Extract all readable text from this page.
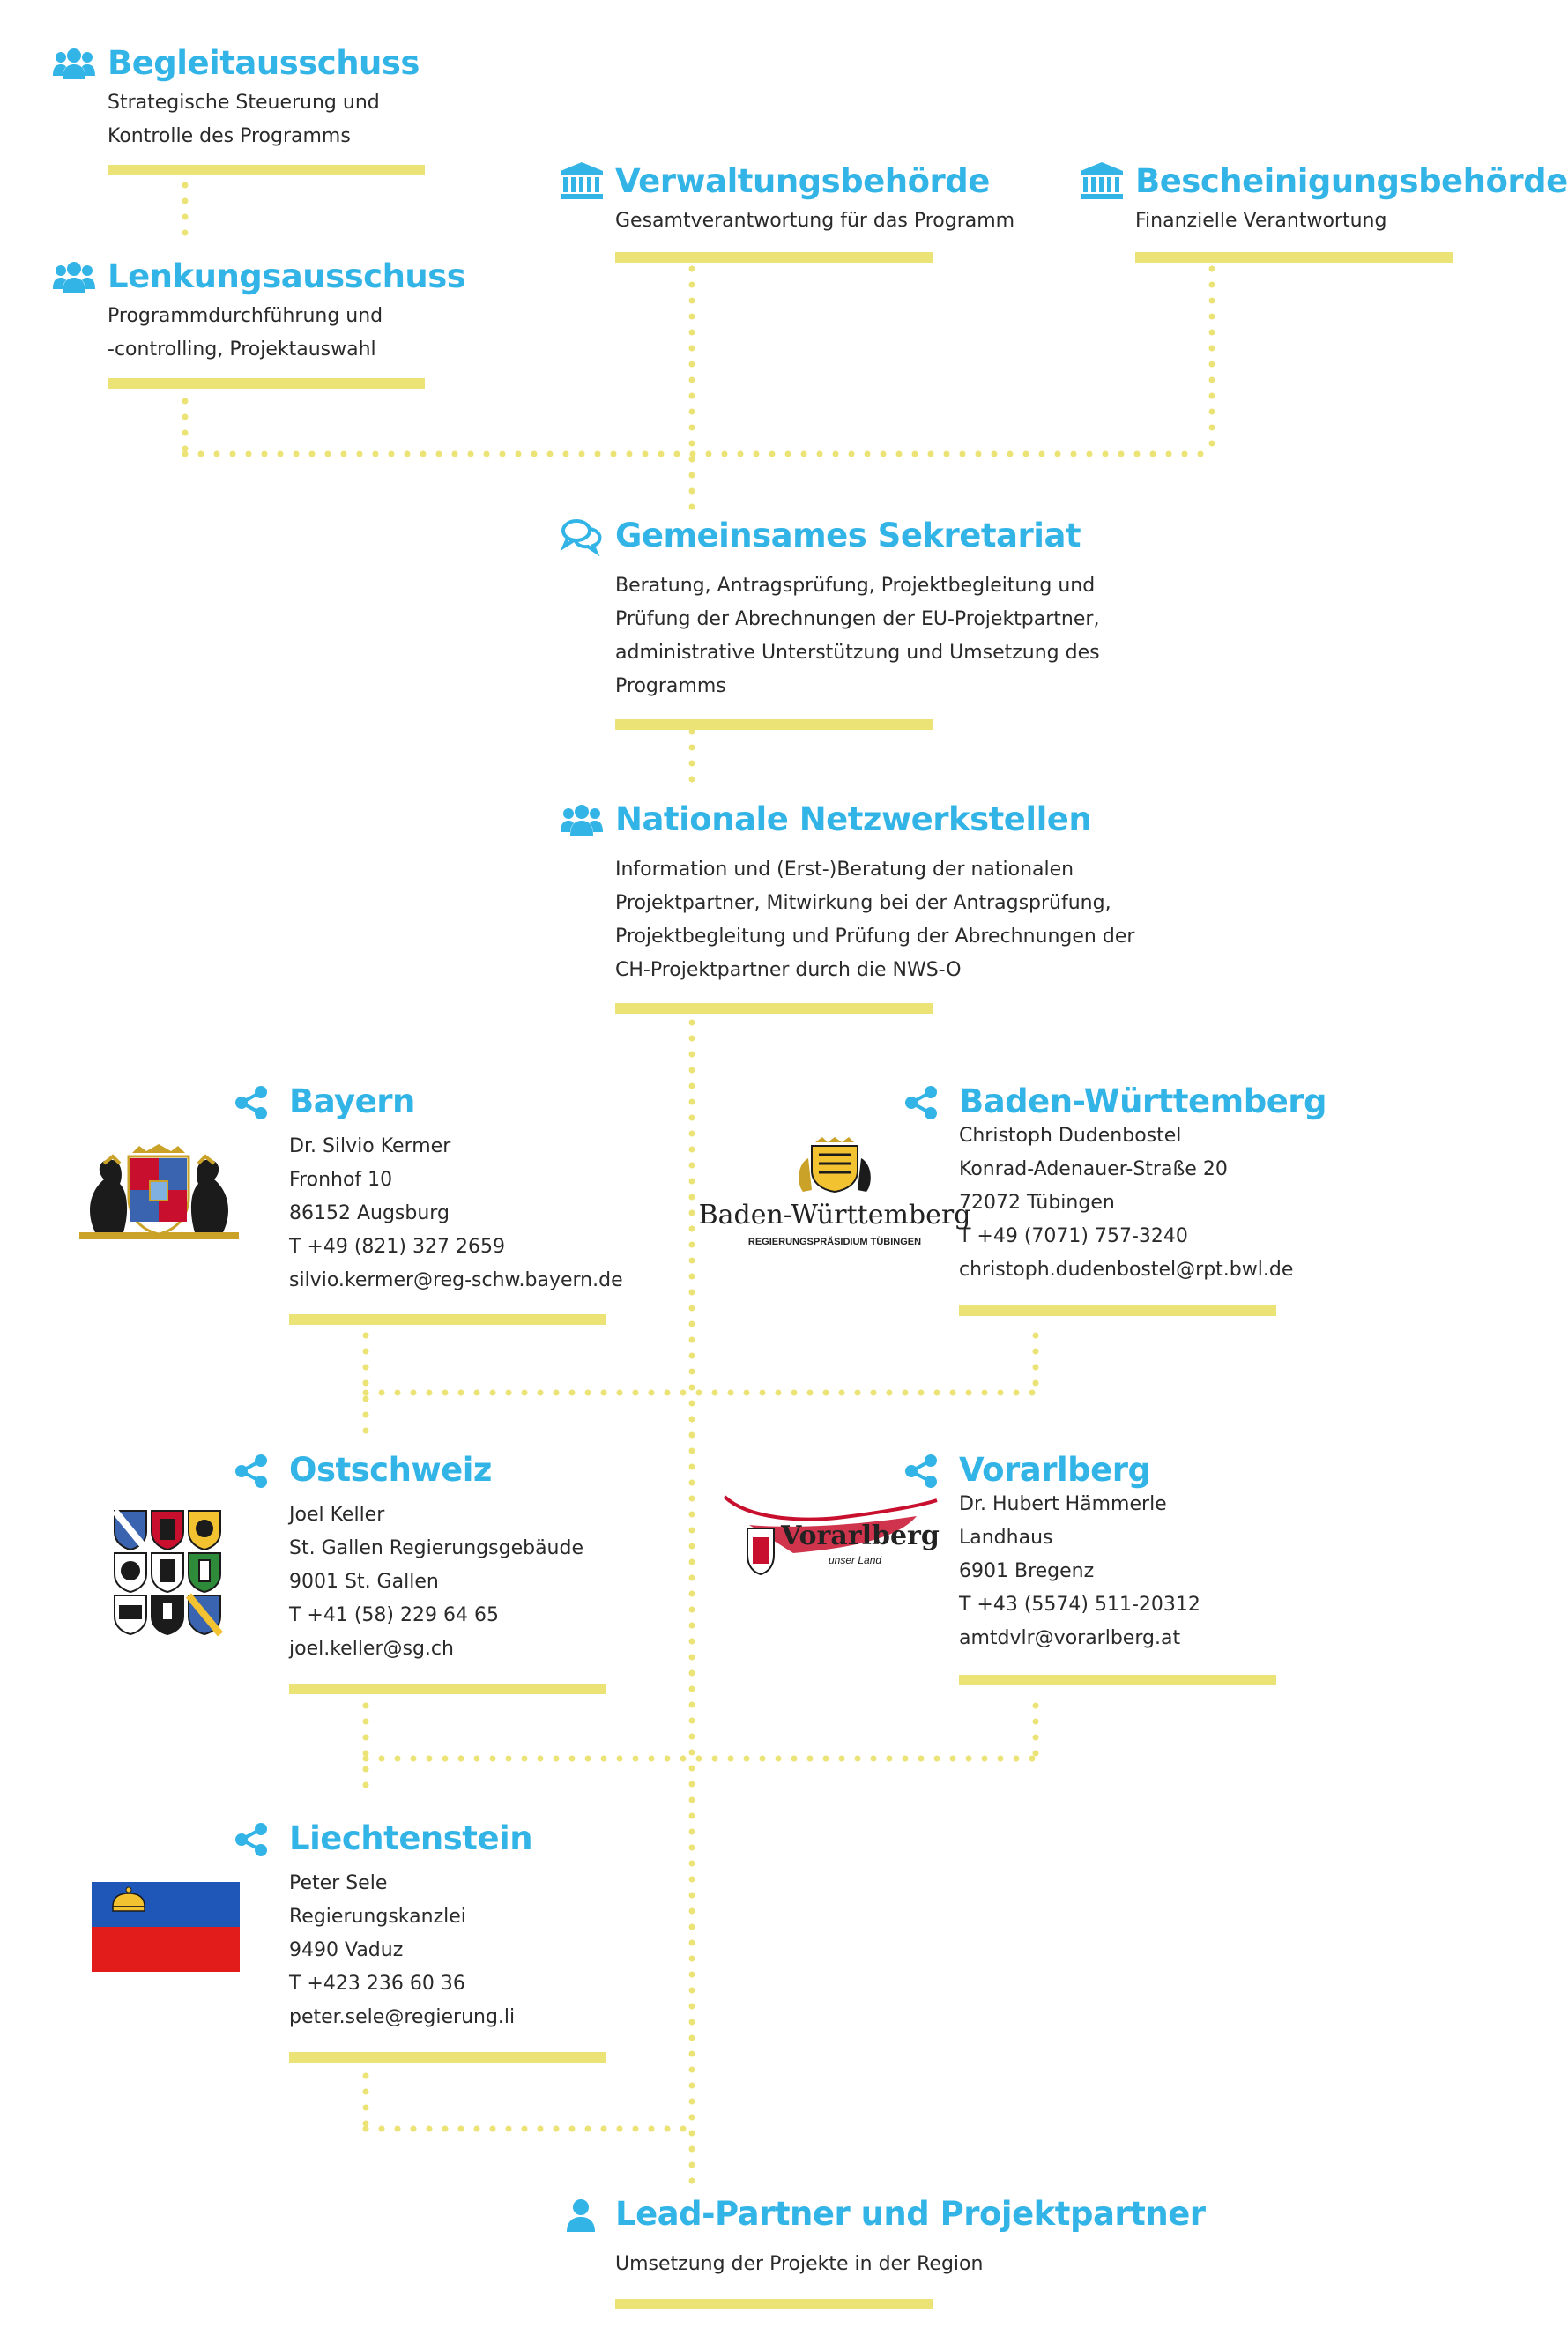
Begleitausschuss
Strategische Steuerung und
Kontrolle des Programms
Lenkungsausschuss
Programmdurchführung und
-controlling, Projektauswahl
Verwaltungsbehörde
Gesamtverantwortung für das Programm
Bescheinigungsbehörde
Finanzielle Verantwortung
Gemeinsames Sekretariat
Beratung, Antragsprüfung, Projektbegleitung und
Prüfung der Abrechnungen der EU-Projektpartner,
administrative Unterstützung und Umsetzung des
Programms
Nationale Netzwerkstellen
Information und (Erst-)Beratung der nationalen
Projektpartner, Mitwirkung bei der Antragsprüfung,
Projektbegleitung und Prüfung der Abrechnungen der
CH-Projektpartner durch die NWS-O
Bayern
Dr. Silvio Kermer
Fronhof 10
86152 Augsburg
T +49 (821) 327 2659
silvio.kermer@reg-schw.bayern.de
Baden-Württemberg
Christoph Dudenbostel
Konrad-Adenauer-Straße 20
72072 Tübingen
T +49 (7071) 757-3240
christoph.dudenbostel@rpt.bwl.de
Baden-Württemberg
REGIERUNGSPRÄSIDIUM TÜBINGEN
Ostschweiz
Joel Keller
St. Gallen Regierungsgebäude
9001 St. Gallen
T +41 (58) 229 64 65
joel.keller@sg.ch
Vorarlberg
Dr. Hubert Hämmerle
Landhaus
6901 Bregenz
T +43 (5574) 511-20312
amtdvlr@vorarlberg.at
Vorarlberg
unser Land
Liechtenstein
Peter Sele
Regierungskanzlei
9490 Vaduz
T +423 236 60 36
peter.sele@regierung.li
Lead-Partner und Projektpartner
Umsetzung der Projekte in der Region
